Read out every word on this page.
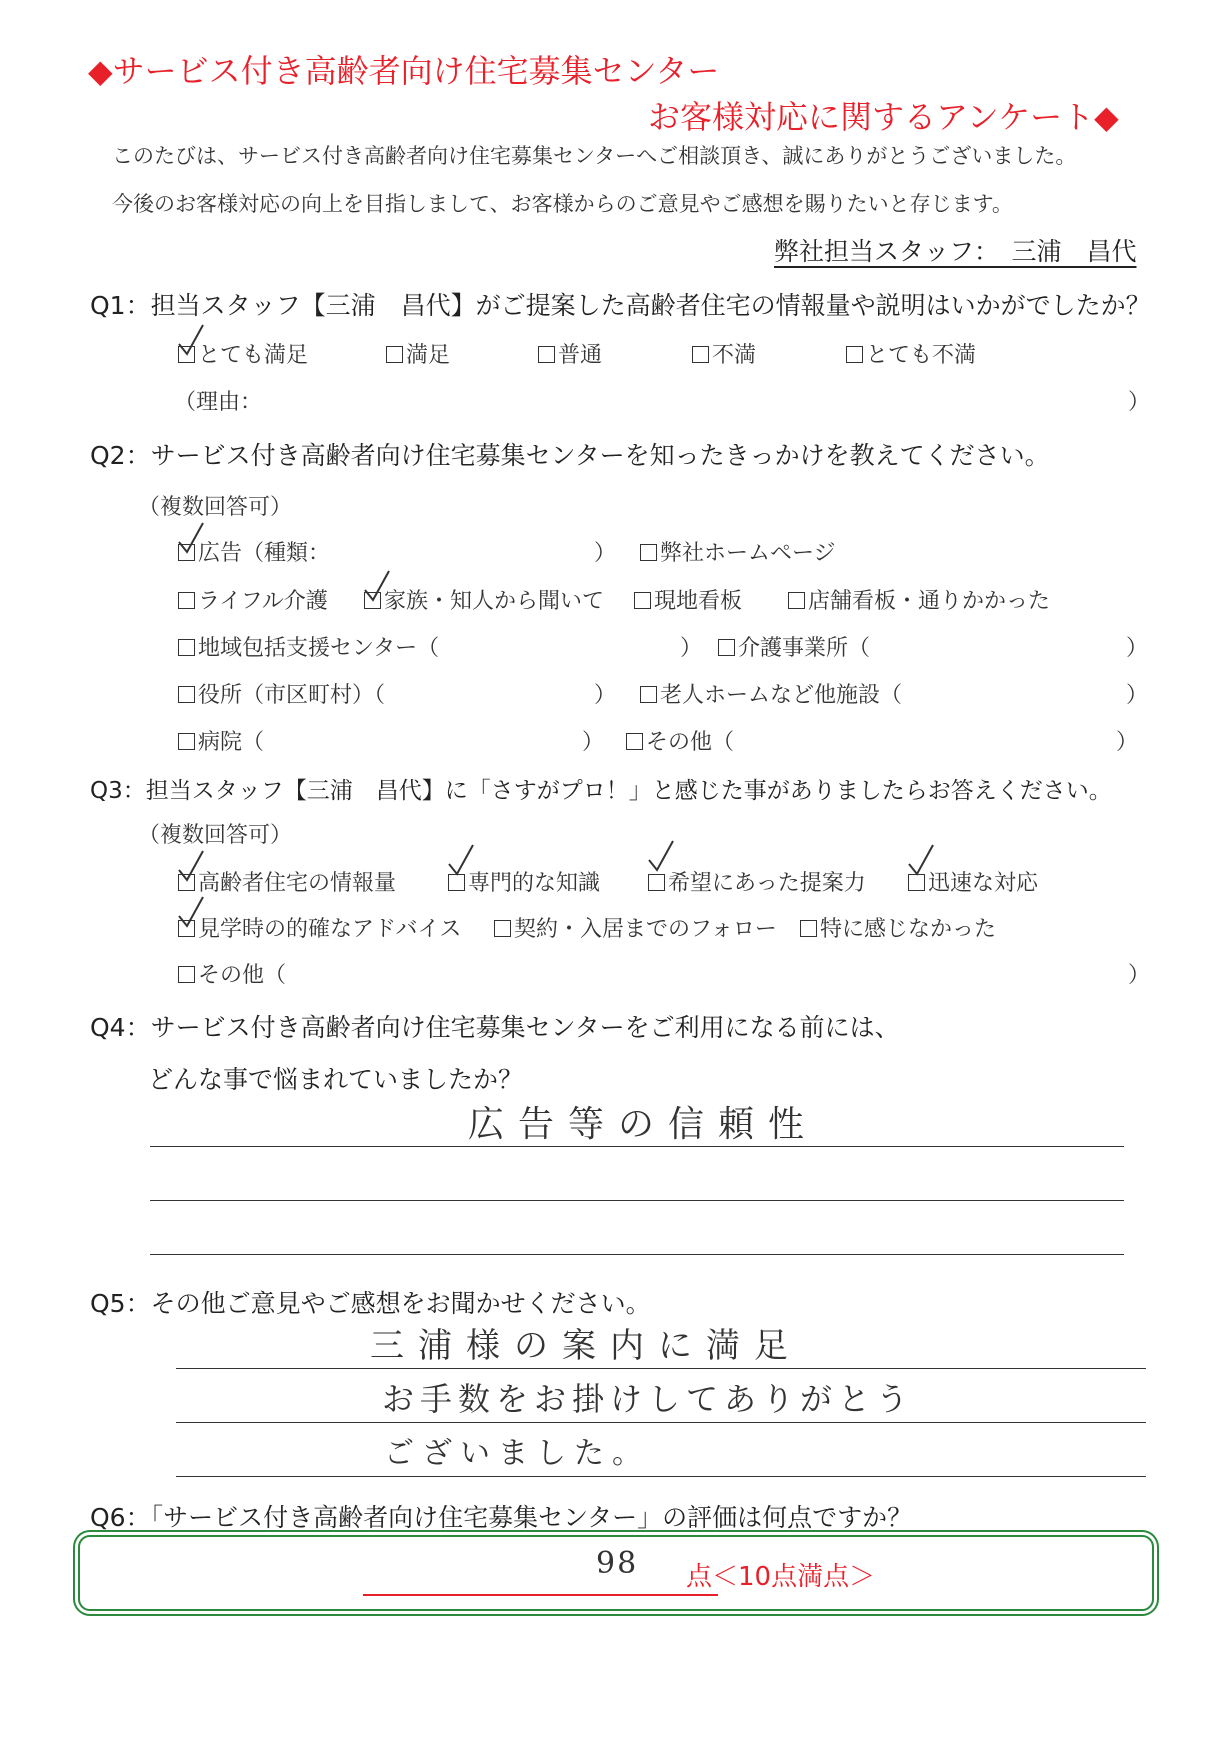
◆サービス付き高齢者向け住宅募集センター
お客様対応に関するアンケート◆
このたびは、サービス付き高齢者向け住宅募集センターへご相談頂き、誠にありがとうございました。
今後のお客様対応の向上を目指しまして、お客様からのご意見やご感想を賜りたいと存じます。
弊社担当スタッフ：　三浦　昌代
Q1：担当スタッフ【三浦　昌代】がご提案した高齢者住宅の情報量や説明はいかがでしたか？
とても満足	満足	普通	不満	とても不満
（理由：	）
Q2：サービス付き高齢者向け住宅募集センターを知ったきっかけを教えてください。
（複数回答可）
広告（種類：	）	弊社ホームページ
ライフル介護	家族・知人から聞いて	現地看板	店舗看板・通りかかった
地域包括支援センター（	）	介護事業所（	）
役所（市区町村）（	）	老人ホームなど他施設（	）
病院（	）	その他（	）
Q3：担当スタッフ【三浦　昌代】に「さすがプロ！」と感じた事がありましたらお答えください。
（複数回答可）
高齢者住宅の情報量	専門的な知識	希望にあった提案力	迅速な対応
見学時の的確なアドバイス	契約・入居までのフォロー	特に感じなかった
その他（	）
Q4：サービス付き高齢者向け住宅募集センターをご利用になる前には、
どんな事で悩まれていましたか？
広告等の信頼性
Q5：その他ご意見やご感想をお聞かせください。
三浦様の案内に満足
お手数をお掛けしてありがとう
ございました。
Q6：「サービス付き高齢者向け住宅募集センター」の評価は何点ですか？
98 点＜10点満点＞
